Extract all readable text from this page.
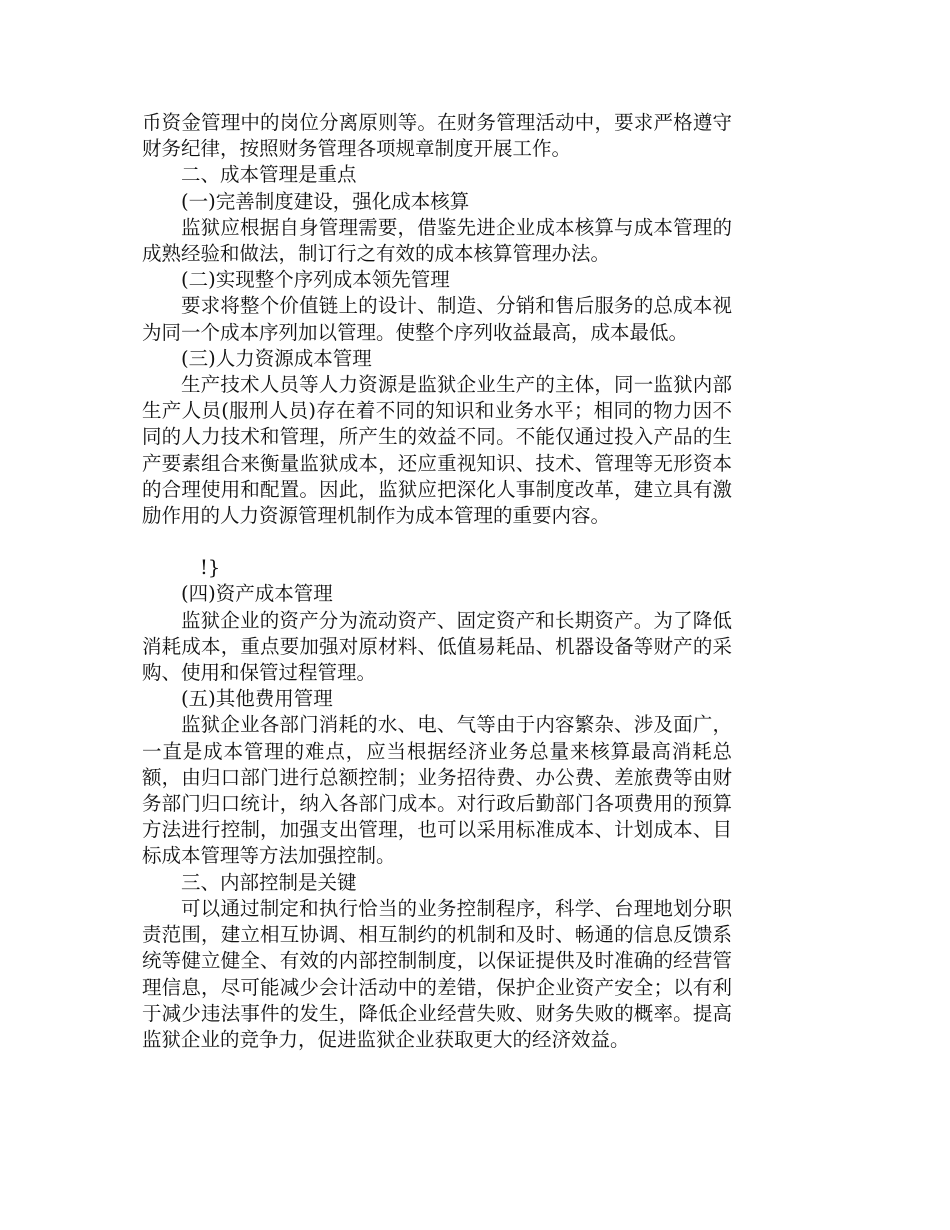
币资金管理中的岗位分离原则等。在财务管理活动中，要求严格遵守财务纪律，按照财务管理各项规章制度开展工作。

二、成本管理是重点

(一)完善制度建设，强化成本核算

监狱应根据自身管理需要，借鉴先进企业成本核算与成本管理的成熟经验和做法，制订行之有效的成本核算管理办法。

(二)实现整个序列成本领先管理

要求将整个价值链上的设计、制造、分销和售后服务的总成本视为同一个成本序列加以管理。使整个序列收益最高，成本最低。

(三)人力资源成本管理

生产技术人员等人力资源是监狱企业生产的主体，同一监狱内部生产人员(服刑人员)存在着不同的知识和业务水平；相同的物力因不同的人力技术和管理，所产生的效益不同。不能仅通过投入产品的生产要素组合来衡量监狱成本，还应重视知识、技术、管理等无形资本的合理使用和配置。因此，监狱应把深化人事制度改革，建立具有激励作用的人力资源管理机制作为成本管理的重要内容。

!}

(四)资产成本管理

监狱企业的资产分为流动资产、固定资产和长期资产。为了降低消耗成本，重点要加强对原材料、低值易耗品、机器设备等财产的采购、使用和保管过程管理。

(五)其他费用管理

监狱企业各部门消耗的水、电、气等由于内容繁杂、涉及面广，一直是成本管理的难点，应当根据经济业务总量来核算最高消耗总额，由归口部门进行总额控制；业务招待费、办公费、差旅费等由财务部门归口统计，纳入各部门成本。对行政后勤部门各项费用的预算方法进行控制，加强支出管理，也可以采用标准成本、计划成本、目标成本管理等方法加强控制。

三、内部控制是关键

可以通过制定和执行恰当的业务控制程序，科学、台理地划分职责范围，建立相互协调、相互制约的机制和及时、畅通的信息反馈系统等健立健全、有效的内部控制制度，以保证提供及时准确的经营管理信息，尽可能减少会计活动中的差错，保护企业资产安全；以有利于减少违法事件的发生，降低企业经营失败、财务失败的概率。提高监狱企业的竞争力，促进监狱企业获取更大的经济效益。
